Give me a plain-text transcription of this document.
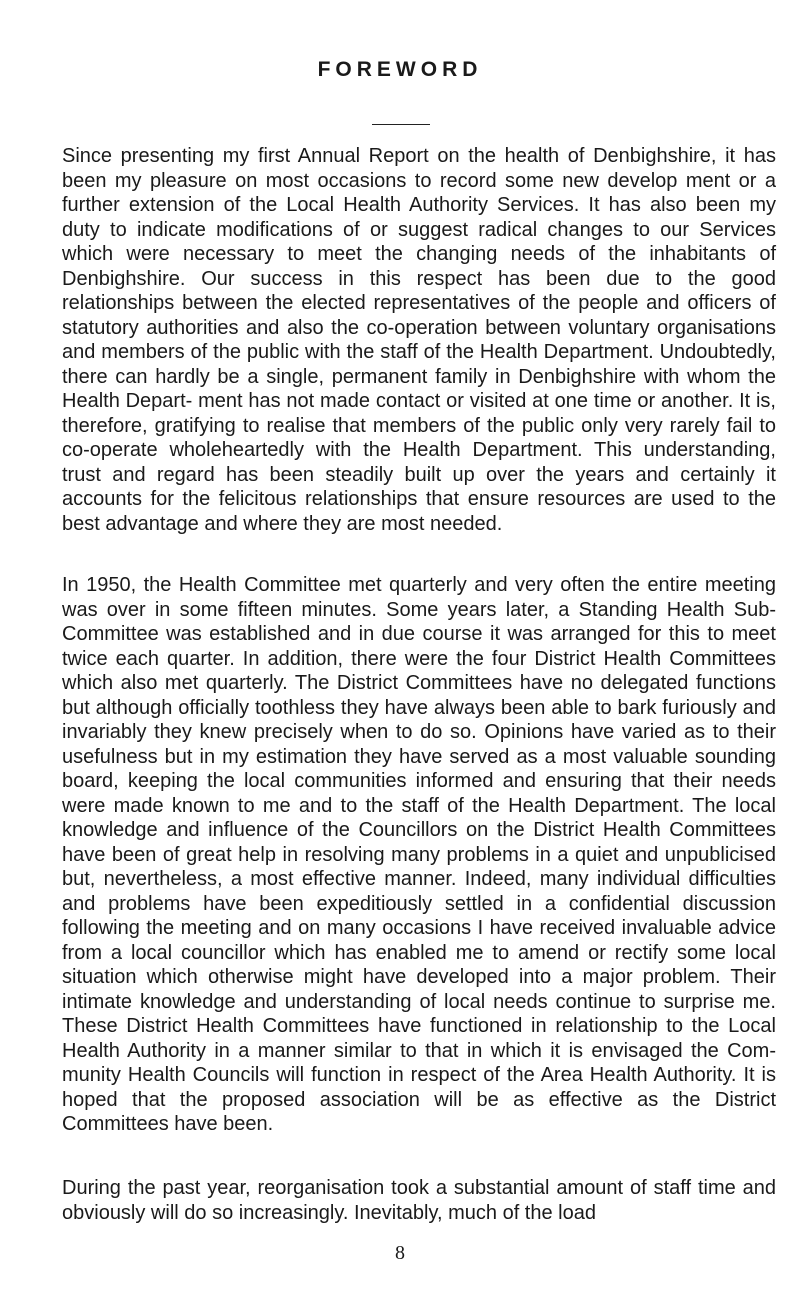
FOREWORD

Since presenting my first Annual Report on the health of Denbighshire, it has been my pleasure on most occasions to record some new develop ment or a further extension of the Local Health Authority Services. It has also been my duty to indicate modifications of or suggest radical changes to our Services which were necessary to meet the changing needs of the inhabitants of Denbighshire. Our success in this respect has been due to the good relationships between the elected representatives of the people and officers of statutory authorities and also the co-operation between voluntary organisations and members of the public with the staff of the Health Department. Undoubtedly, there can hardly be a single, permanent family in Denbighshire with whom the Health Depart- ment has not made contact or visited at one time or another. It is, therefore, gratifying to realise that members of the public only very rarely fail to co-operate wholeheartedly with the Health Department. This understanding, trust and regard has been steadily built up over the years and certainly it accounts for the felicitous relationships that ensure resources are used to the best advantage and where they are most needed.

In 1950, the Health Committee met quarterly and very often the entire meeting was over in some fifteen minutes. Some years later, a Standing Health Sub-Committee was established and in due course it was arranged for this to meet twice each quarter. In addition, there were the four District Health Committees which also met quarterly. The District Committees have no delegated functions but although officially toothless they have always been able to bark furiously and invariably they knew precisely when to do so. Opinions have varied as to their usefulness but in my estimation they have served as a most valuable sounding board, keeping the local communities informed and ensuring that their needs were made known to me and to the staff of the Health Department. The local knowledge and influence of the Councillors on the District Health Committees have been of great help in resolving many problems in a quiet and unpublicised but, nevertheless, a most effective manner. Indeed, many individual difficulties and problems have been expeditiously settled in a confidential discussion following the meeting and on many occasions I have received invaluable advice from a local councillor which has enabled me to amend or rectify some local situation which otherwise might have developed into a major problem. Their intimate knowledge and understanding of local needs continue to surprise me. These District Health Committees have functioned in relationship to the Local Health Authority in a manner similar to that in which it is envisaged the Com- munity Health Councils will function in respect of the Area Health Authority. It is hoped that the proposed association will be as effective as the District Committees have been.

During the past year, reorganisation took a substantial amount of staff time and obviously will do so increasingly. Inevitably, much of the load

8
